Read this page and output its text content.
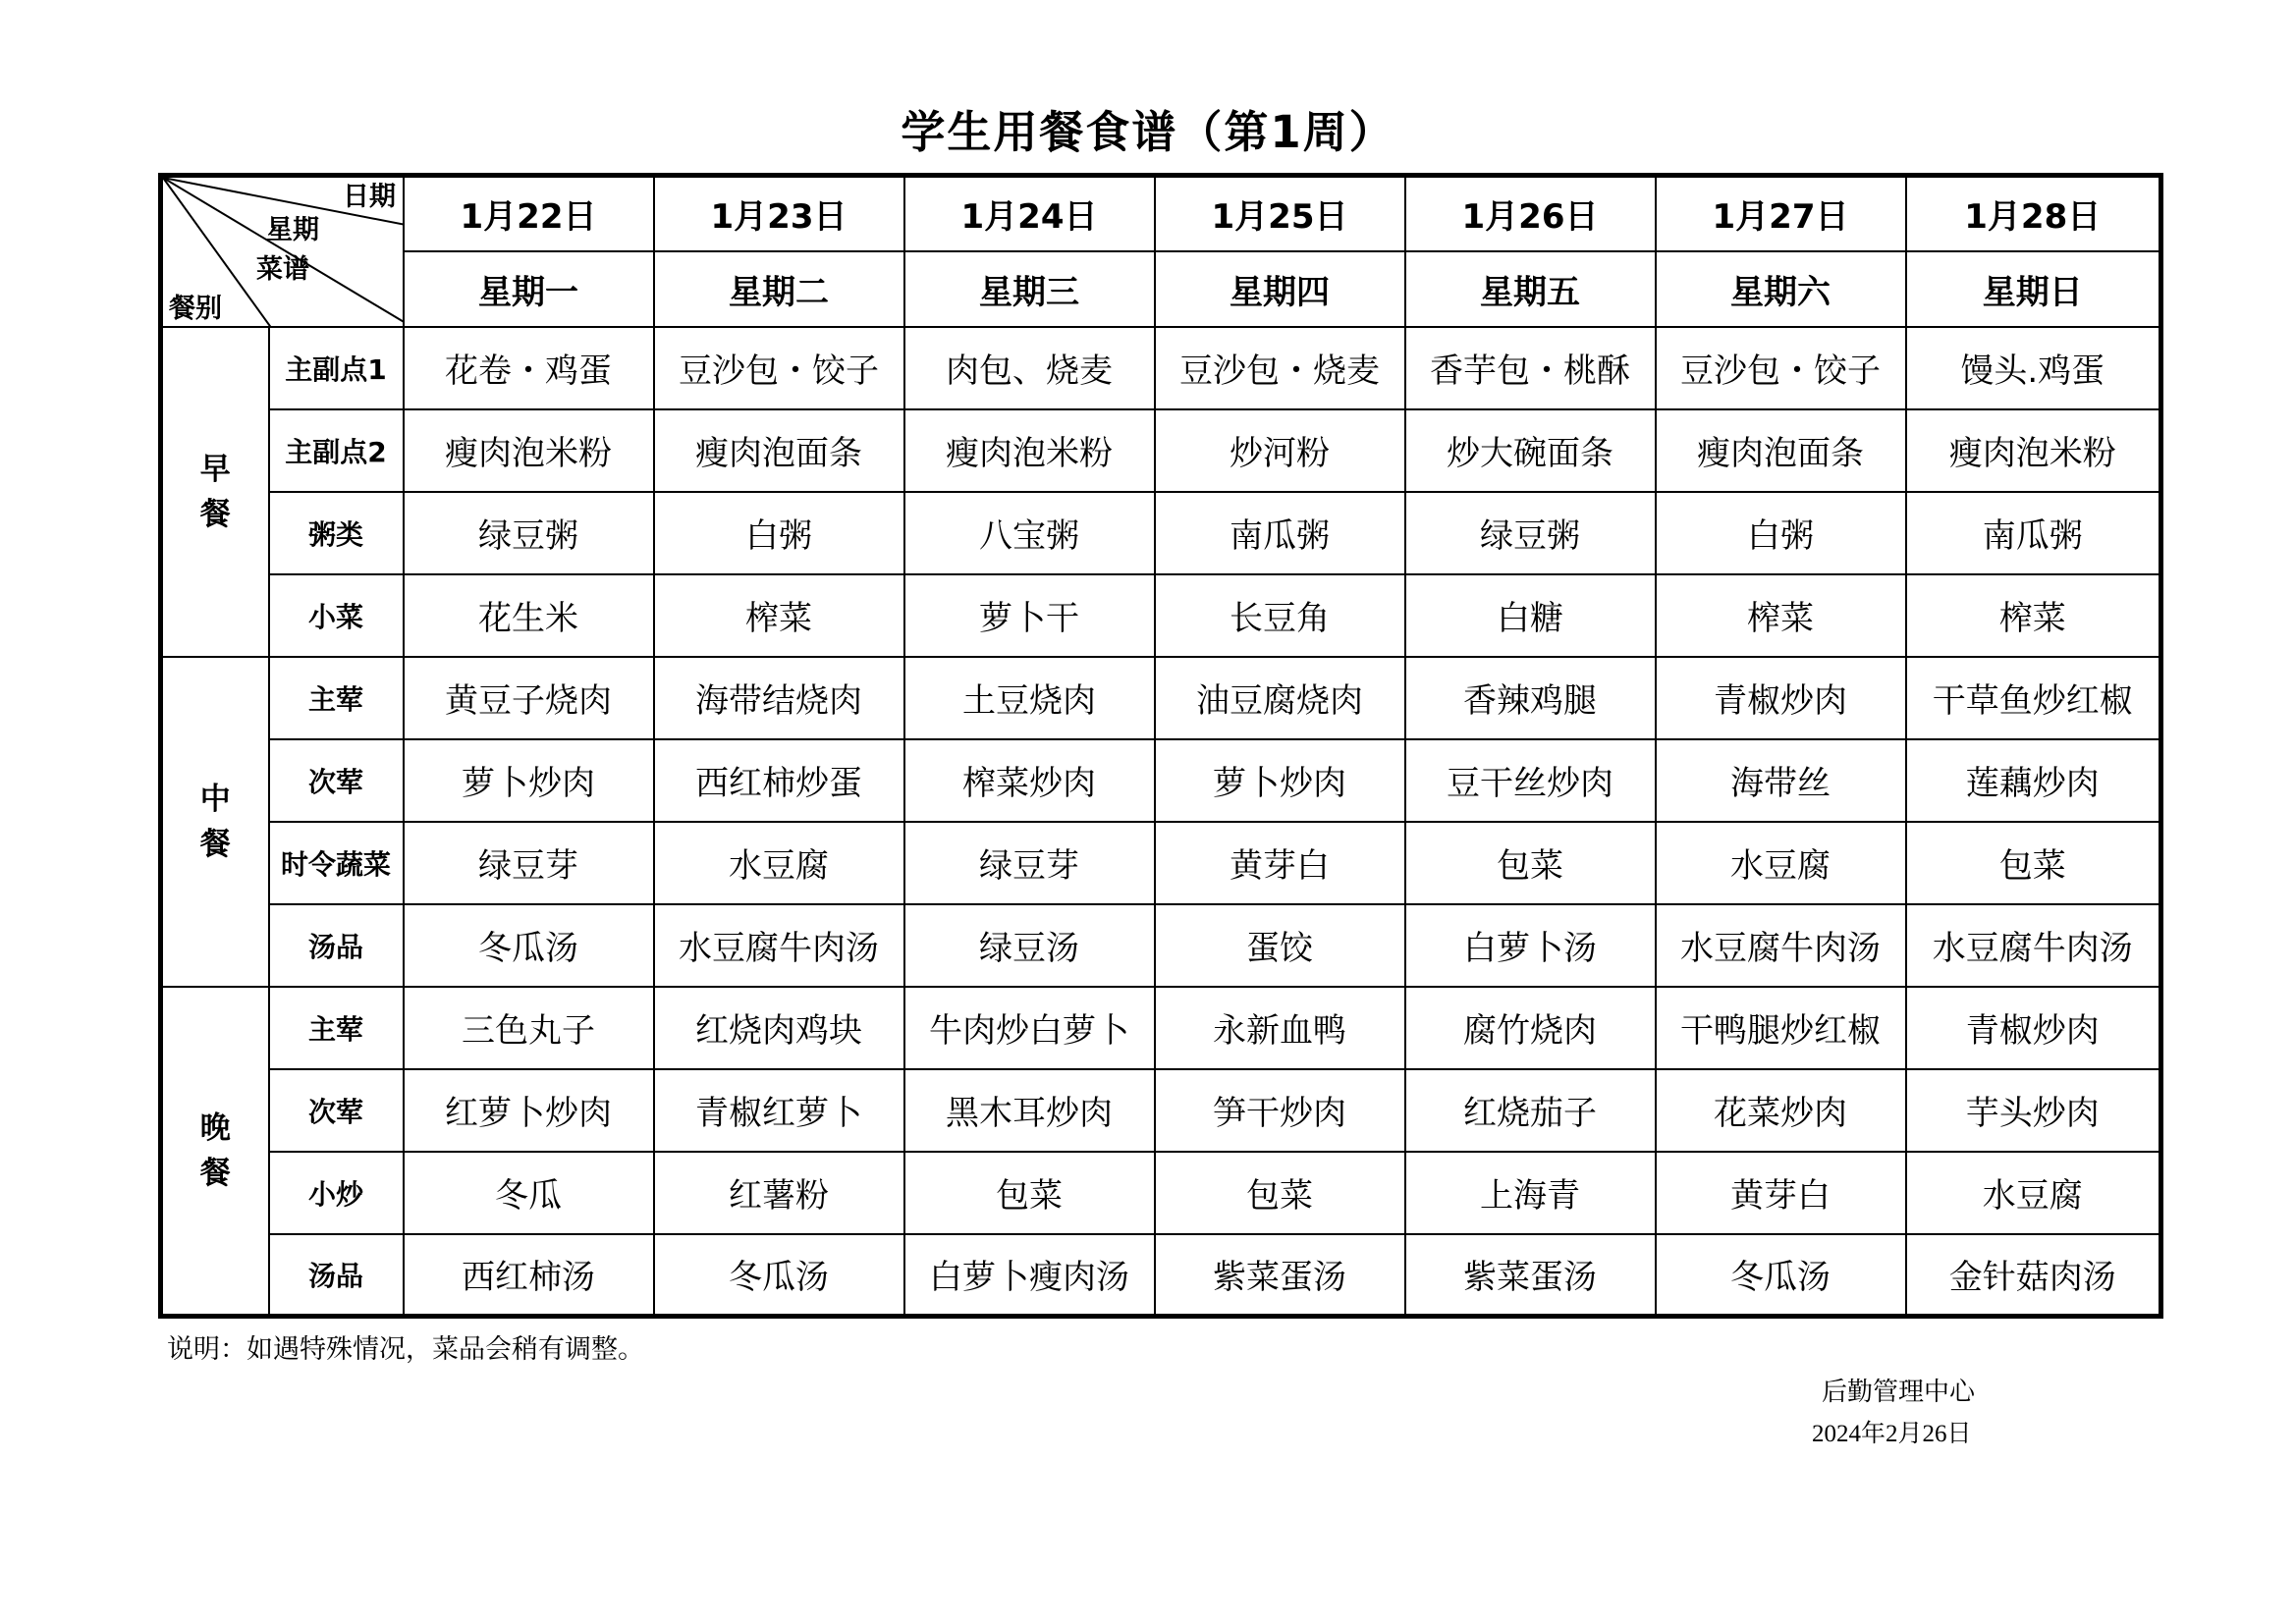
学生用餐食谱（第1周）
日期
星期
菜谱
餐别		1月22日	1月23日	1月24日	1月25日	1月26日	1月27日	1月28日
		星期一	星期二	星期三	星期四	星期五	星期六	星期日
早
餐	主副点1	花卷・鸡蛋	豆沙包・饺子	肉包、烧麦	豆沙包・烧麦	香芋包・桃酥	豆沙包・饺子	馒头.鸡蛋
	主副点2	瘦肉泡米粉	瘦肉泡面条	瘦肉泡米粉	炒河粉	炒大碗面条	瘦肉泡面条	瘦肉泡米粉
	粥类	绿豆粥	白粥	八宝粥	南瓜粥	绿豆粥	白粥	南瓜粥
	小菜	花生米	榨菜	萝卜干	长豆角	白糖	榨菜	榨菜
中
餐	主荤	黄豆子烧肉	海带结烧肉	土豆烧肉	油豆腐烧肉	香辣鸡腿	青椒炒肉	干草鱼炒红椒
	次荤	萝卜炒肉	西红柿炒蛋	榨菜炒肉	萝卜炒肉	豆干丝炒肉	海带丝	莲藕炒肉
	时令蔬菜	绿豆芽	水豆腐	绿豆芽	黄芽白	包菜	水豆腐	包菜
	汤品	冬瓜汤	水豆腐牛肉汤	绿豆汤	蛋饺	白萝卜汤	水豆腐牛肉汤	水豆腐牛肉汤
晚
餐	主荤	三色丸子	红烧肉鸡块	牛肉炒白萝卜	永新血鸭	腐竹烧肉	干鸭腿炒红椒	青椒炒肉
	次荤	红萝卜炒肉	青椒红萝卜	黑木耳炒肉	笋干炒肉	红烧茄子	花菜炒肉	芋头炒肉
	小炒	冬瓜	红薯粉	包菜	包菜	上海青	黄芽白	水豆腐
	汤品	西红柿汤	冬瓜汤	白萝卜瘦肉汤	紫菜蛋汤	紫菜蛋汤	冬瓜汤	金针菇肉汤
说明：如遇特殊情况，菜品会稍有调整。
后勤管理中心
2024年2月26日
